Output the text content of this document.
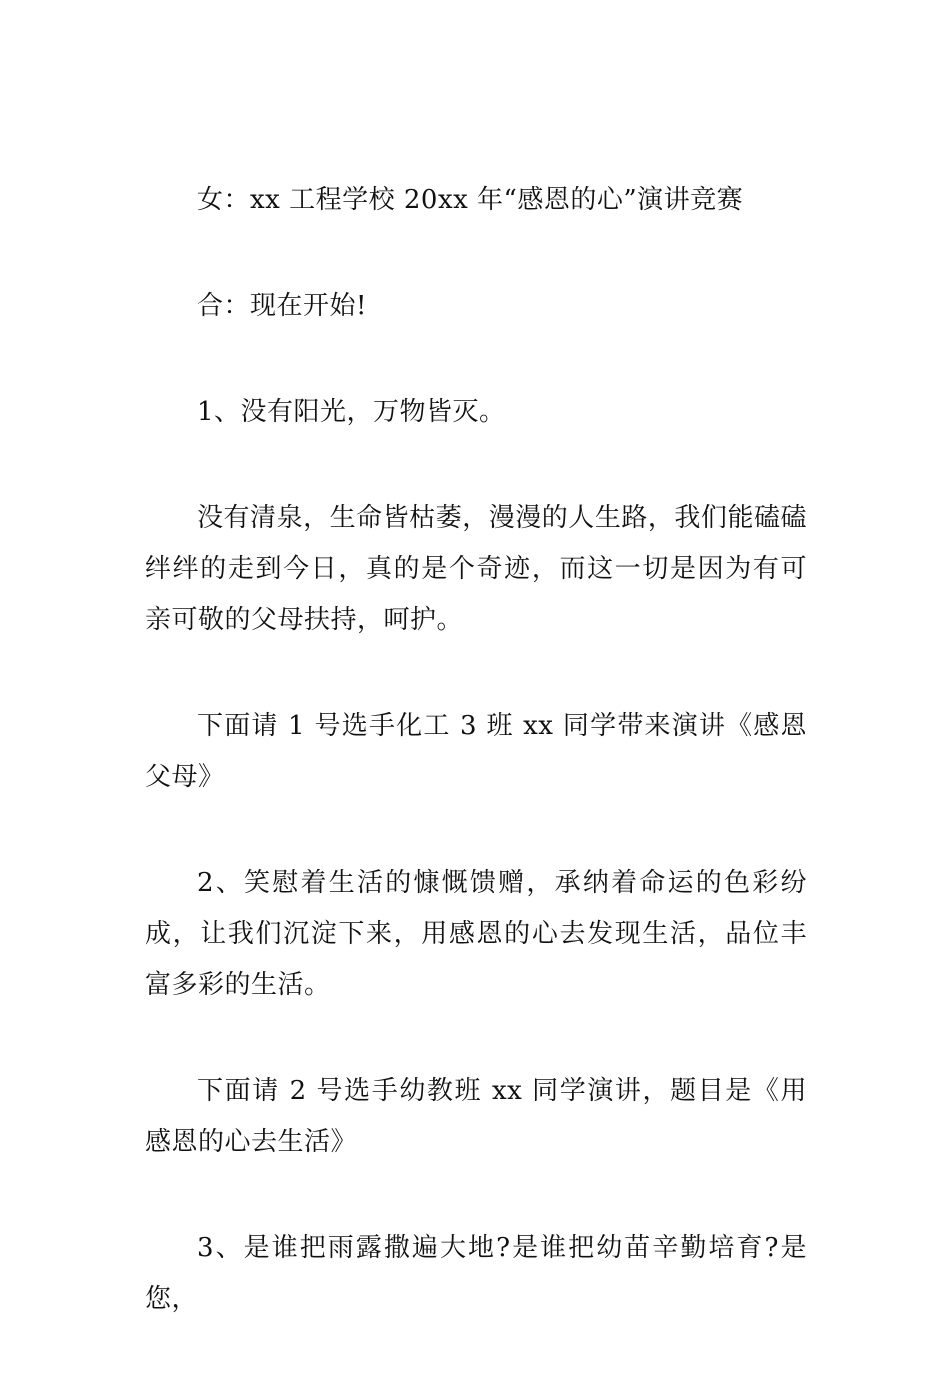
女：xx 工程学校 20xx 年“感恩的心”演讲竞赛

合：现在开始!

1、没有阳光，万物皆灭。

没有清泉，生命皆枯萎，漫漫的人生路，我们能磕磕绊绊的走到今日，真的是个奇迹，而这一切是因为有可亲可敬的父母扶持，呵护。

下面请 1 号选手化工 3 班 xx 同学带来演讲《感恩父母》

2、笑慰着生活的慷慨馈赠，承纳着命运的色彩纷成，让我们沉淀下来，用感恩的心去发现生活，品位丰富多彩的生活。

下面请 2 号选手幼教班 xx 同学演讲，题目是《用感恩的心去生活》

3、是谁把雨露撒遍大地?是谁把幼苗辛勤培育?是您，
